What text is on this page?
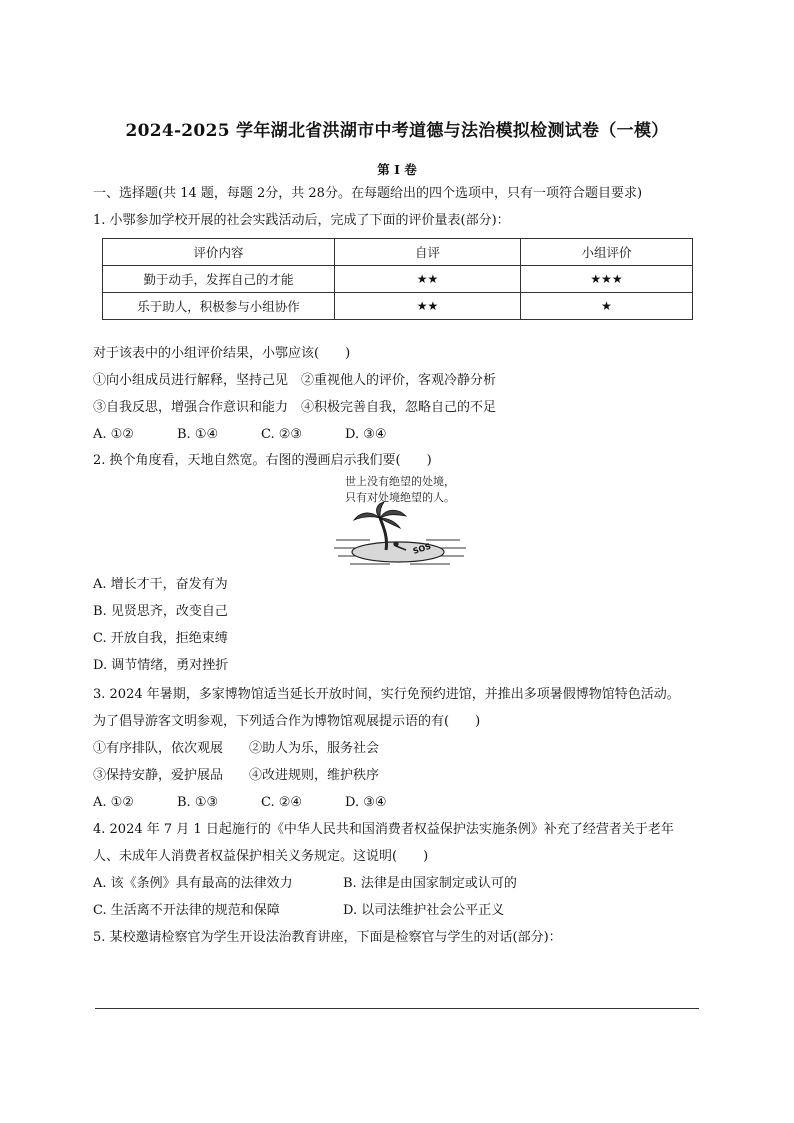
2024-2025 学年湖北省洪湖市中考道德与法治模拟检测试卷（一模）
第 I 卷
一、选择题(共 14 题，每题 2分，共 28分。在每题给出的四个选项中，只有一项符合题目要求)
1. 小鄂参加学校开展的社会实践活动后，完成了下面的评价量表(部分)：
评价内容	自评	小组评价
勤于动手，发挥自己的才能	★★	★★★
乐于助人，积极参与小组协作	★★	★
对于该表中的小组评价结果，小鄂应该(　　)
①向小组成员进行解释，坚持己见　②重视他人的评价，客观冷静分析
③自我反思，增强合作意识和能力　④积极完善自我，忽略自己的不足
A. ①②	B. ①④	C. ②③	D. ③④
2. 换个角度看，天地自然宽。右图的漫画启示我们要(　　)
世上没有绝望的处境，
只有对处境绝望的人。
SOS
A. 增长才干，奋发有为
B. 见贤思齐，改变自己
C. 开放自我，拒绝束缚
D. 调节情绪，勇对挫折
3. 2024 年暑期，多家博物馆适当延长开放时间，实行免预约进馆，并推出多项暑假博物馆特色活动。
为了倡导游客文明参观，下列适合作为博物馆观展提示语的有(　　)
①有序排队，依次观展　　②助人为乐，服务社会
③保持安静，爱护展品　　④改进规则，维护秩序
A. ①②	B. ①③	C. ②④	D. ③④
4. 2024 年 7 月 1 日起施行的《中华人民共和国消费者权益保护法实施条例》补充了经营者关于老年
人、未成年人消费者权益保护相关义务规定。这说明(　　)
A. 该《条例》具有最高的法律效力	B. 法律是由国家制定或认可的
C. 生活离不开法律的规范和保障	D. 以司法维护社会公平正义
5. 某校邀请检察官为学生开设法治教育讲座，下面是检察官与学生的对话(部分)：
